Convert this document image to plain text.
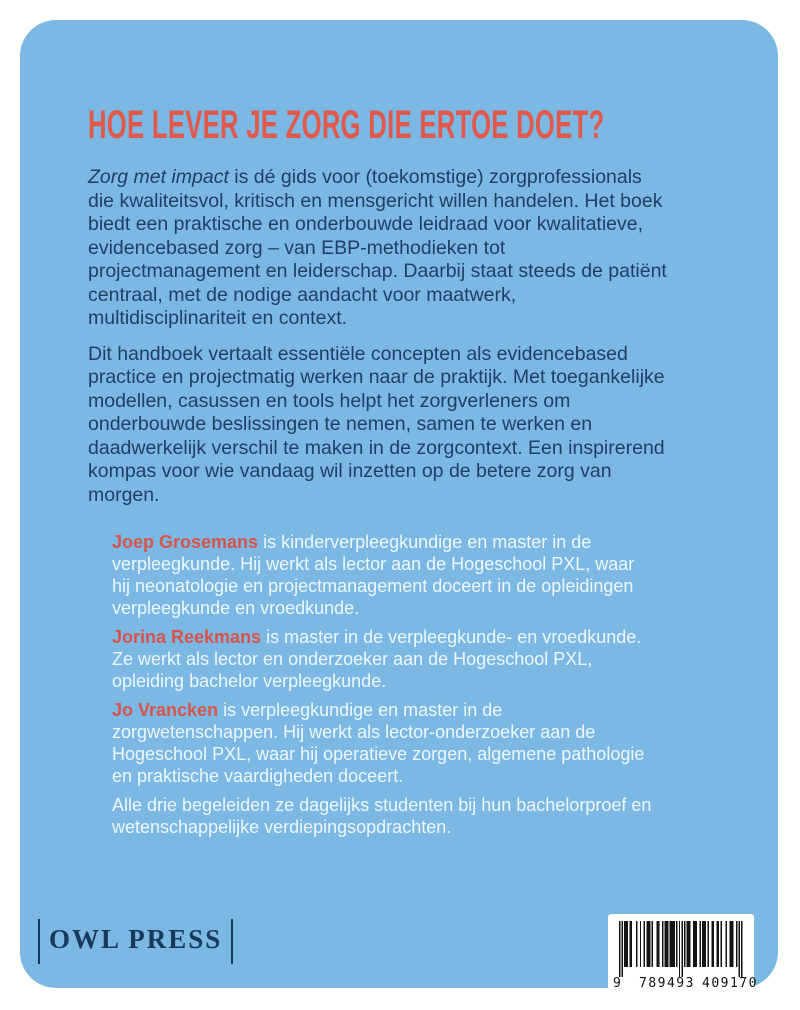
HOE LEVER JE ZORG DIE ERTOE DOET?

Zorg met impact is dé gids voor (toekomstige) zorgprofessionals die kwaliteitsvol, kritisch en mensgericht willen handelen. Het boek biedt een praktische en onderbouwde leidraad voor kwalitatieve, evidencebased zorg – van EBP-methodieken tot projectmanagement en leiderschap. Daarbij staat steeds de patiënt centraal, met de nodige aandacht voor maatwerk, multidisciplinariteit en context.

Dit handboek vertaalt essentiële concepten als evidencebased practice en projectmatig werken naar de praktijk. Met toegankelijke modellen, casussen en tools helpt het zorgverleners om onderbouwde beslissingen te nemen, samen te werken en daadwerkelijk verschil te maken in de zorgcontext. Een inspirerend kompas voor wie vandaag wil inzetten op de betere zorg van morgen.

Joep Grosemans is kinderverpleegkundige en master in de verpleegkunde. Hij werkt als lector aan de Hogeschool PXL, waar hij neonatologie en projectmanagement doceert in de opleidingen verpleegkunde en vroedkunde.

Jorina Reekmans is master in de verpleegkunde- en vroedkunde. Ze werkt als lector en onderzoeker aan de Hogeschool PXL, opleiding bachelor verpleegkunde.

Jo Vrancken is verpleegkundige en master in de zorgwetenschappen. Hij werkt als lector-onderzoeker aan de Hogeschool PXL, waar hij operatieve zorgen, algemene pathologie en praktische vaardigheden doceert.

Alle drie begeleiden ze dagelijks studenten bij hun bachelorproef en wetenschappelijke verdiepingsopdrachten.

OWL PRESS
9 789493 409170
